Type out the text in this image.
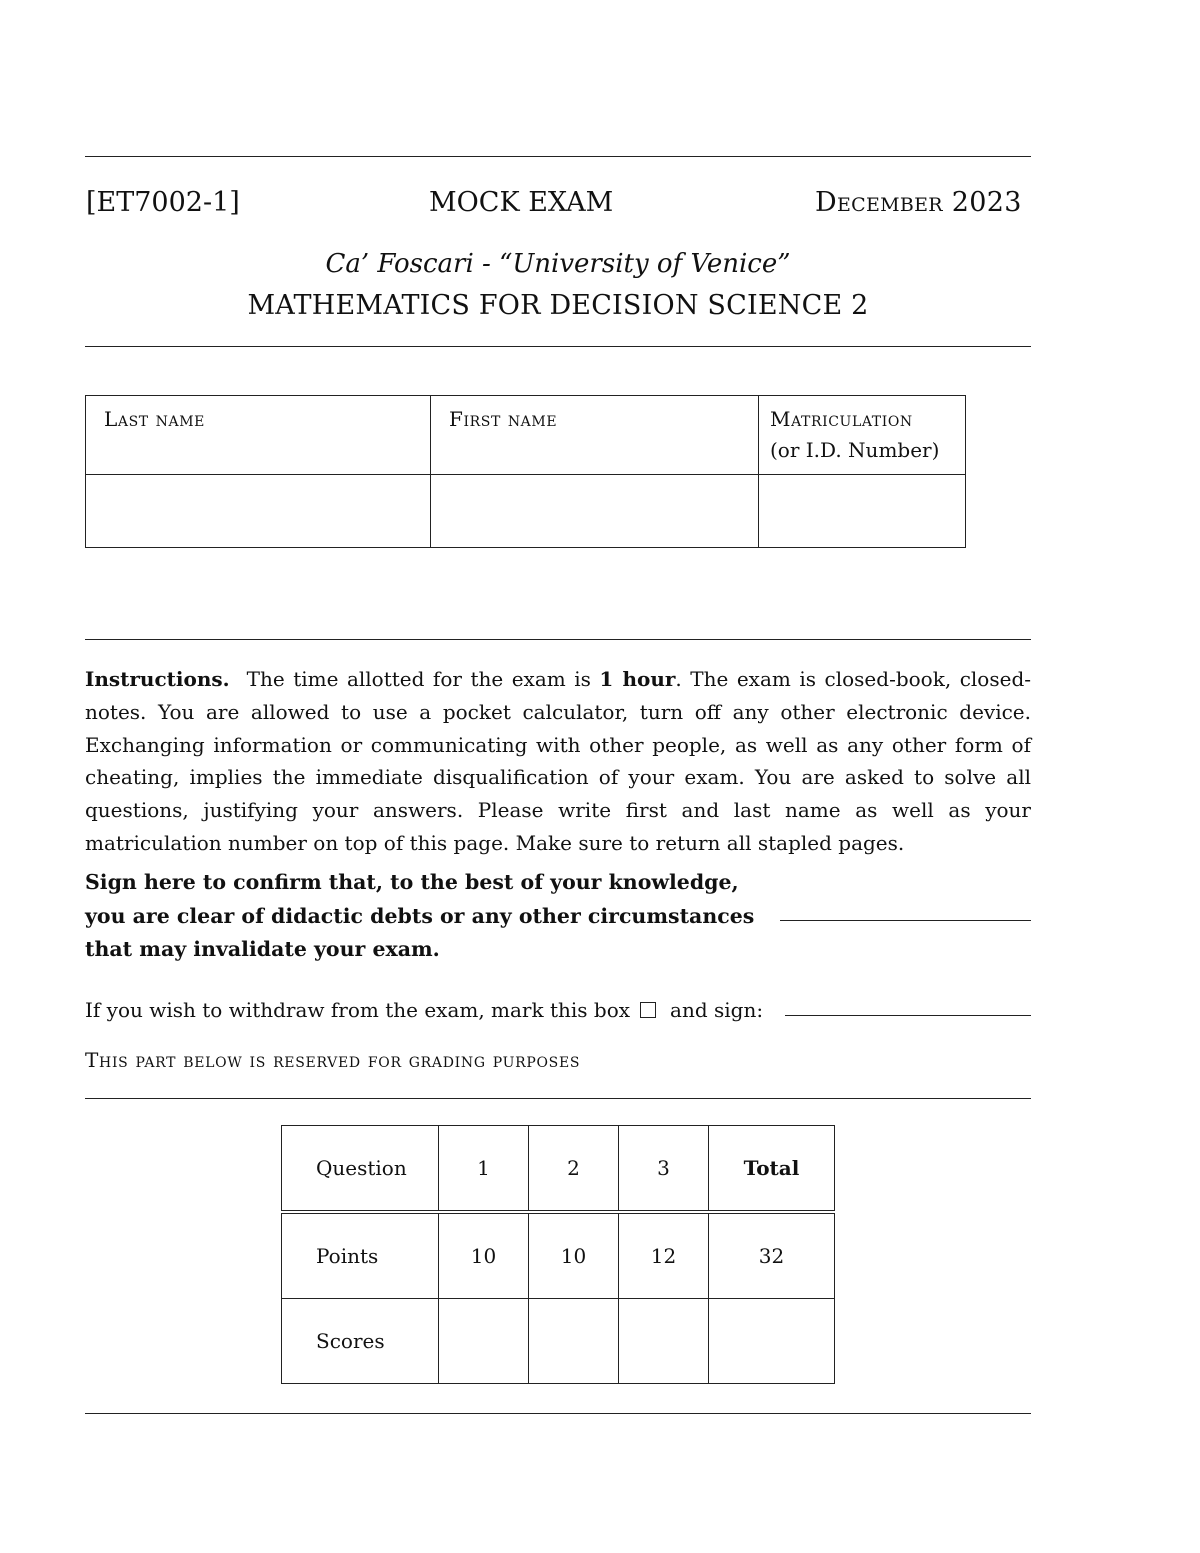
[ET7002-1]	MOCK EXAM	December 2023
Ca’ Foscari - “University of Venice”
MATHEMATICS FOR DECISION SCIENCE 2
Last name	First name	Matriculation
(or I.D. Number)

Instructions. The time allotted for the exam is 1 hour. The exam is closed-book, closed-notes. You are allowed to use a pocket calculator, turn off any other electronic device. Exchanging information or communicating with other people, as well as any other form of cheating, implies the immediate disqualification of your exam. You are asked to solve all questions, justifying your answers. Please write first and last name as well as your matriculation number on top of this page. Make sure to return all stapled pages.
Sign here to confirm that, to the best of your knowledge,
you are clear of didactic debts or any other circumstances
that may invalidate your exam.
If you wish to withdraw from the exam, mark this box and sign:
This part below is reserved for grading purposes
Question	1	2	3	Total
Points	10	10	12	32
Scores				
